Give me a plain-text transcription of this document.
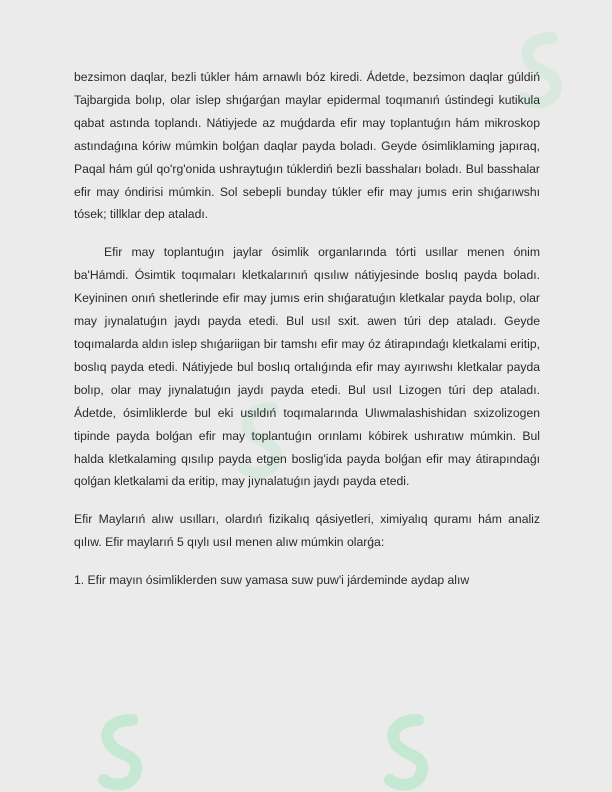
bezsimon daqlar, bezli túkler hám arnawlı bóz kiredi. Ádetde, bezsimon daqlar gúldiń Tajbargida bolıp, olar islep shıǵarǵan maylar epidermal toqımanıń ústindegi kutikula qabat astında toplandı. Nátiyjede az muǵdarda efir may toplantuǵın hám mikroskop astındaǵına kóriw múmkin bolǵan daqlar payda boladı. Geyde ósimliklaming japıraq, Paqal hám gúl qo'rg'onida ushraytuǵın túklerdiń bezli basshaları boladı. Bul basshalar efir may óndirisi múmkin. Sol sebepli bunday túkler efir may jumıs erin shıǵarıwshı tósek; tillklar dep ataladı.

Efir may toplantuǵın jaylar ósimlik organlarında tórti usıllar menen ónim ba'Hámdi. Ósimtik toqımaları kletkalarınıń qısılıw nátiyjesinde boslıq payda boladı. Keyininen onıń shetlerinde efir may jumıs erin shıǵaratuǵın kletkalar payda bolıp, olar may jıynalatuǵın jaydı payda etedi. Bul usıl sxit. awen túri dep ataladı. Geyde toqımalarda aldın islep shıǵariigan bir tamshı efir may óz átirapındaǵı kletkalami eritip, boslıq payda etedi. Nátiyjede bul boslıq ortalıǵında efir may ayırıwshı kletkalar payda bolıp, olar may jıynalatuǵın jaydı payda etedi. Bul usıl Lizogen túri dep ataladı. Ádetde, ósimliklerde bul eki usıldıń toqımalarında Ulıwmalashishidan sxizolizogen tipinde payda bolǵan efir may toplantuǵın orınlamı kóbirek ushıratıw múmkin. Bul halda kletkalaming qısılıp payda etgen boslig'ida payda bolǵan efir may átirapındaǵı qolǵan kletkalami da eritip, may jıynalatuǵın jaydı payda etedi.

Efir Maylarıń alıw usılları, olardıń fizikalıq qásiyetleri, ximiyalıq quramı hám analiz qılıw. Efir maylarıń 5 qıylı usıl menen alıw múmkin olarǵa:

1. Efir mayın ósimliklerden suw yamasa suw puw'i járdeminde aydap alıw
